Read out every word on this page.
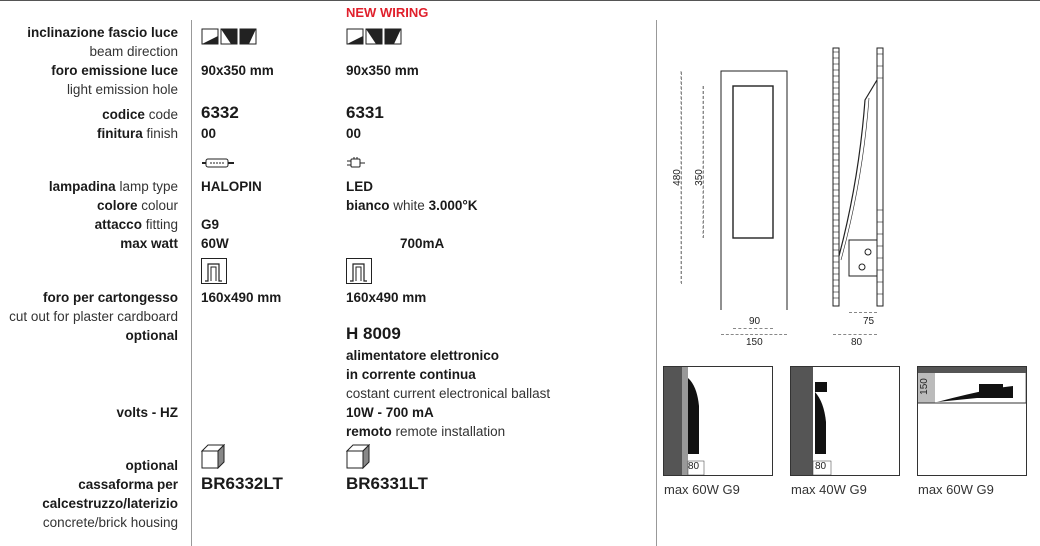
NEW WIRING
inclinazione fascio luce
beam direction
foro emissione luce
light emission hole
codice code
finitura finish
lampadina lamp type
colore colour
attacco fitting
max watt
foro per cartongesso
cut out for plaster cardboard
optional
volts - HZ
optional
cassaforma per
calcestruzzo/laterizio
concrete/brick housing
90x350 mm
6332
00
HALOPIN
G9
60W
160x490 mm
BR6332LT
90x350 mm
6331
00
LED
bianco white 3.000°K
700mA
160x490 mm
H 8009
alimentatore elettronico
in corrente continua
costant current electronical ballast
10W - 700 mA
remoto remote installation
BR6331LT
480 350
90
150
75
80
80
max 60W G9
80
max 40W G9
150
max 60W G9
